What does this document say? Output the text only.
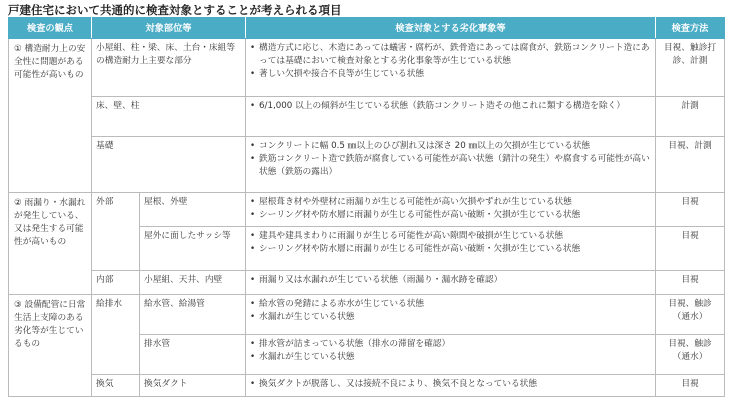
戸建住宅において共通的に検査対象とすることが考えられる項目
検査の観点	対象部位等		検査対象とする劣化事象等	検査方法
① 構造耐力上の安全性に問題がある可能性が高いもの	小屋組、柱・梁、床、土台・床組等の構造耐力上主要な部分		• 構造方式に応じ、木造にあっては蟻害・腐朽が、鉄骨造にあっては腐食が、鉄筋コンクリート造にあっては基礎において検査対象とする劣化事象等が生じている状態
• 著しい欠損や接合不良等が生じている状態	目視、触診打診、計測
	床、壁、柱		• 6/1,000 以上の傾斜が生じている状態（鉄筋コンクリート造その他これに類する構造を除く）	計測
	基礎		• コンクリートに幅 0.5 ㎜以上のひび割れ又は深さ 20 ㎜以上の欠損が生じている状態
• 鉄筋コンクリート造で鉄筋が腐食している可能性が高い状態（錆汁の発生）や腐食する可能性が高い状態（鉄筋の露出）	目視、計測
② 雨漏り・水漏れが発生している、又は発生する可能性が高いもの	外部	屋根、外壁	• 屋根葺き材や外壁材に雨漏りが生じる可能性が高い欠損やずれが生じている状態
• シーリング材や防水層に雨漏りが生じる可能性が高い破断・欠損が生じている状態	目視
		屋外に面したサッシ等	• 建具や建具まわりに雨漏りが生じる可能性が高い隙間や破損が生じている状態
• シーリング材や防水層に雨漏りが生じる可能性が高い破断・欠損が生じている状態	目視
	内部	小屋組、天井、内壁	• 雨漏り又は水漏れが生じている状態（雨漏り・漏水跡を確認）	目視
③ 設備配管に日常生活上支障のある劣化等が生じているもの	給排水	給水管、給湯管	• 給水管の発錆による赤水が生じている状態
• 水漏れが生じている状態	目視、触診（通水）
		排水管	• 排水管が詰まっている状態（排水の滞留を確認）
• 水漏れが生じている状態	目視、触診（通水）
	換気	換気ダクト	• 換気ダクトが脱落し、又は接続不良により、換気不良となっている状態	目視
